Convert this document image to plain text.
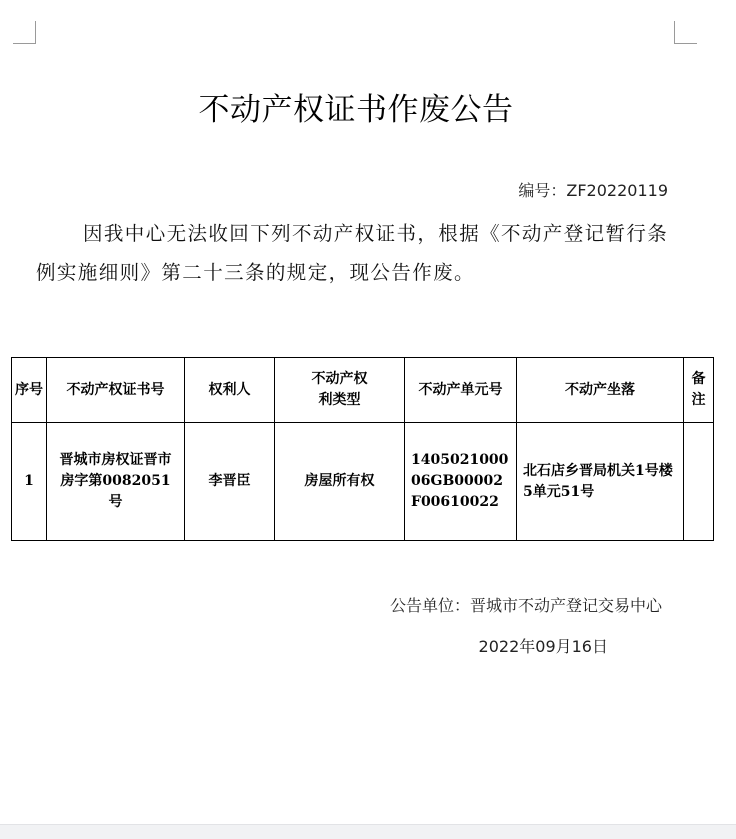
不动产权证书作废公告
编号：ZF20220119
因我中心无法收回下列不动产权证书，根据《不动产登记暂行条例实施细则》第二十三条的规定，现公告作废。
序号	不动产权证书号	权利人	不动产权利类型	不动产单元号	不动产坐落	备注
1	晋城市房权证晋市房字第0082051号	李晋臣	房屋所有权	140502100006GB00002F00610022	北石店乡晋局机关1号楼5单元51号	
公告单位：晋城市不动产登记交易中心
2022年09月16日
